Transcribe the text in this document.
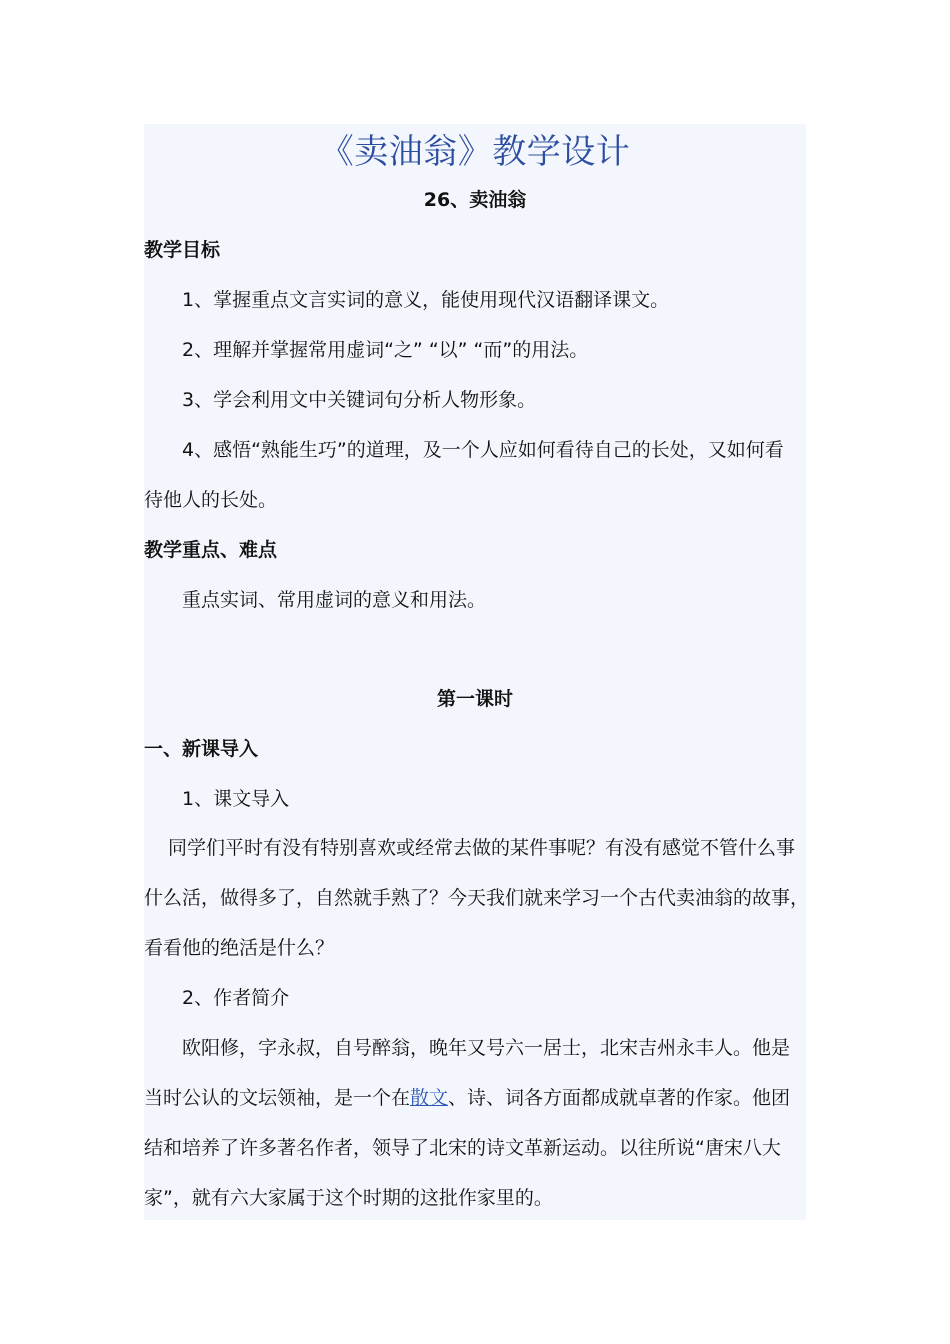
《卖油翁》教学设计
26、卖油翁
教学目标
1、掌握重点文言实词的意义，能使用现代汉语翻译课文。
2、理解并掌握常用虚词“之” “以” “而”的用法。
3、学会利用文中关键词句分析人物形象。
4、感悟“熟能生巧”的道理，及一个人应如何看待自己的长处，又如何看
待他人的长处。
教学重点、难点
重点实词、常用虚词的意义和用法。
第一课时
一、新课导入
1、课文导入
同学们平时有没有特别喜欢或经常去做的某件事呢？有没有感觉不管什么事
什么活，做得多了，自然就手熟了？今天我们就来学习一个古代卖油翁的故事，
看看他的绝活是什么？
2、作者简介
欧阳修，字永叔，自号醉翁，晚年又号六一居士，北宋吉州永丰人。他是
当时公认的文坛领袖，是一个在散文、诗、词各方面都成就卓著的作家。他团
结和培养了许多著名作者，领导了北宋的诗文革新运动。以往所说“唐宋八大
家”，就有六大家属于这个时期的这批作家里的。
